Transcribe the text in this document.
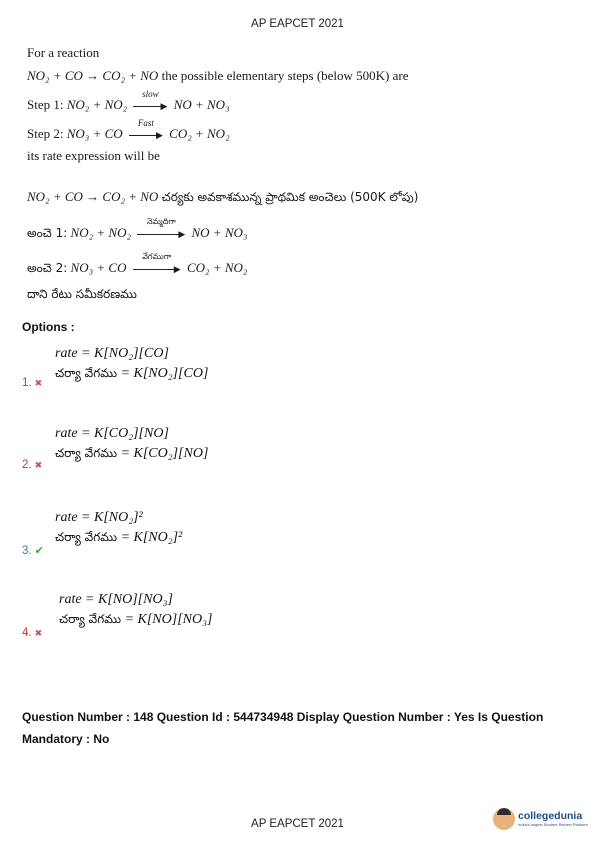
AP EAPCET 2021
For a reaction
NO₂ + CO → CO₂ + NO the possible elementary steps (below 500K) are
Step 1: NO₂ + NO₂
slow
▶ NO + NO₃
Step 2: NO₃ + CO
Fast
▶ CO₂ + NO₂
its rate expression will be
NO₂ + CO → CO₂ + NO చర్యకు అవకాశమున్న ప్రాథమిక అంచెలు (500K లోపు)
అంచె 1: NO₂ + NO₂
నెమ్మదిగా
▶ NO + NO₃
అంచె 2: NO₃ + CO
వేగముగా
▶ CO₂ + NO₂
దాని రేటు సమీకరణము
Options :
rate = K[NO₂][CO]
చర్యా వేగము = K[NO₂][CO]
1. ✖
rate = K[CO₂][NO]
చర్యా వేగము = K[CO₂][NO]
2. ✖
rate = K[NO₂]²
చర్యా వేగము = K[NO₂]²
3. ✔
rate = K[NO][NO₃]
చర్యా వేగము = K[NO][NO₃]
4. ✖
Question Number : 148 Question Id : 544734948 Display Question Number : Yes Is Question Mandatory : No
AP EAPCET 2021
collegedunia
India's largest Student Review Platform
